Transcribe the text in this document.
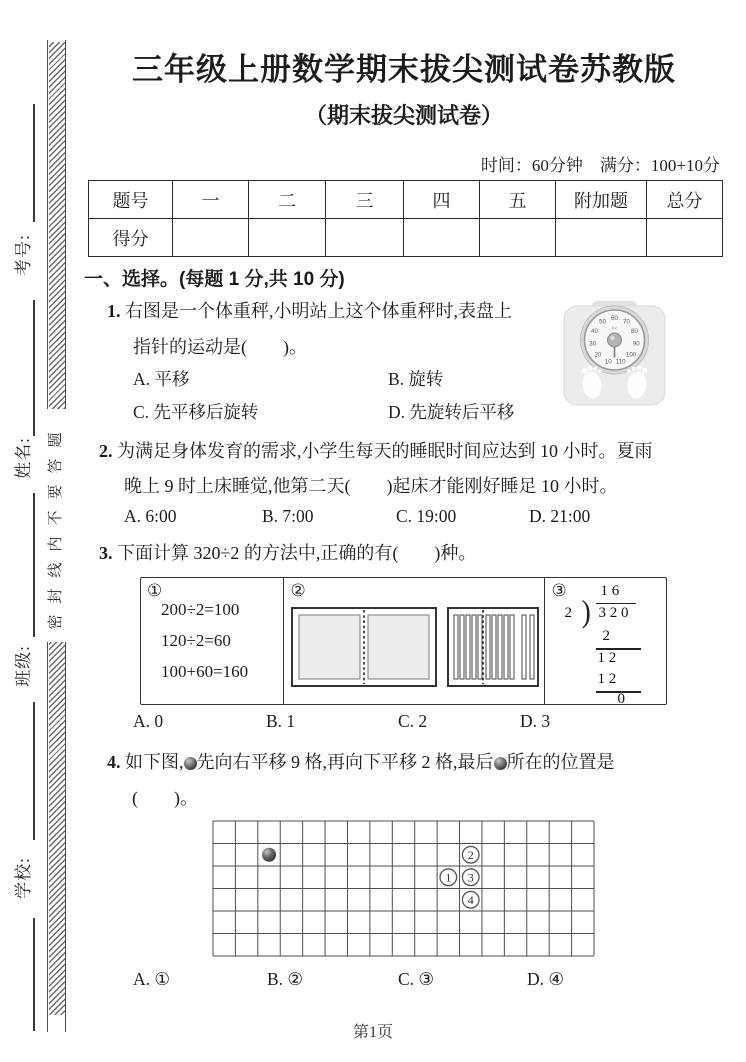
考号:
姓名:
班级:
学校:
密封线内不要答题
三年级上册数学期末拔尖测试卷苏教版
（期末拔尖测试卷）
时间：60分钟　满分：100+10分
题号	一	二	三	四	五	附加题	总分
得分							
一、选择。(每题 1 分,共 10 分)
1. 右图是一个体重秤,小明站上这个体重秤时,表盘上
指针的运动是(　　)。
A. 平移	B. 旋转
C. 先平移后旋转	D. 先旋转后平移
10
20
30
40
50 60 70
80
90
100
110
kg
2. 为满足身体发育的需求,小学生每天的睡眠时间应达到 10 小时。夏雨
晚上 9 时上床睡觉,他第二天(　　)起床才能刚好睡足 10 小时。
A. 6:00	B. 7:00	C. 19:00	D. 21:00
3. 下面计算 320÷2 的方法中,正确的有(　　)种。
①
200÷2=100
120÷2=60
100+60=160
②	③ 1 6
2 ) 3 2 0
2
1 2
1 2
0
A. 0	B. 1	C. 2	D. 3
4. 如下图, 先向右平移 9 格,再向下平移 2 格,最后 所在的位置是
(　　)。
1
2
3
4
A. ①	B. ②	C. ③	D. ④
第1页
